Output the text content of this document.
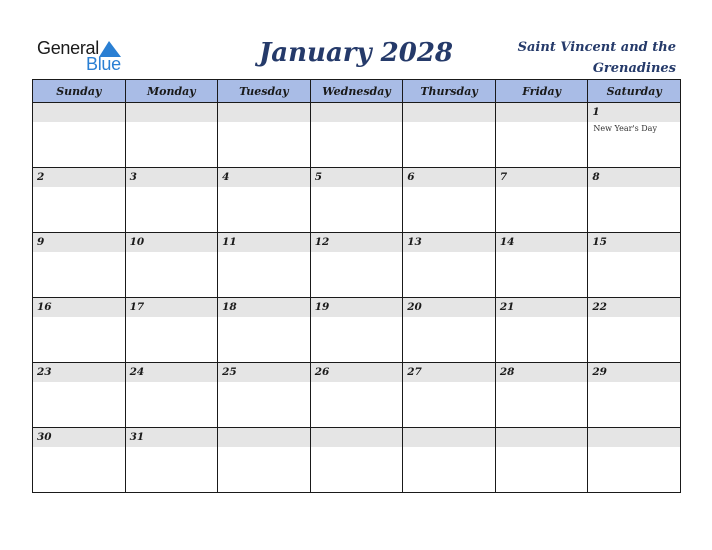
General
Blue	January 2028	Saint Vincent and the Grenadines
Sunday	Monday	Tuesday	Wednesday	Thursday	Friday	Saturday

						1
New Year's Day

2	3	4	5	6	7	8

9	10	11	12	13	14	15

16	17	18	19	20	21	22

23	24	25	26	27	28	29

30	31					
